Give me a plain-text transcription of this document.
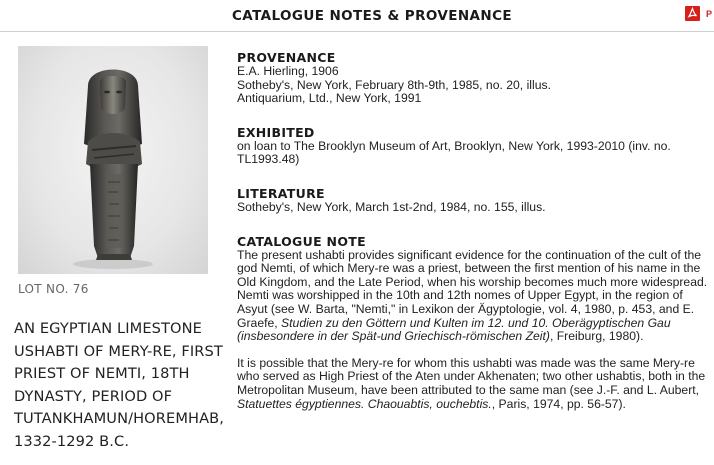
CATALOGUE NOTES & PROVENANCE	P
LOT NO. 76
AN EGYPTIAN LIMESTONE USHABTI OF MERY-RE, FIRST PRIEST OF NEMTI, 18TH DYNASTY, PERIOD OF TUTANKHAMUN/HOREMHAB, 1332-1292 B.C.
PROVENANCE
E.A. Hierling, 1906
Sotheby's, New York, February 8th-9th, 1985, no. 20, illus.
Antiquarium, Ltd., New York, 1991
EXHIBITED
on loan to The Brooklyn Museum of Art, Brooklyn, New York, 1993-2010 (inv. no. TL1993.48)
LITERATURE
Sotheby's, New York, March 1st-2nd, 1984, no. 155, illus.
CATALOGUE NOTE
The present ushabti provides significant evidence for the continuation of the cult of the god Nemti, of which Mery-re was a priest, between the first mention of his name in the Old Kingdom, and the Late Period, when his worship becomes much more widespread. Nemti was worshipped in the 10th and 12th nomes of Upper Egypt, in the region of Asyut (see W. Barta, "Nemti," in Lexikon der Ägyptologie, vol. 4, 1980, p. 453, and E. Graefe, Studien zu den Göttern und Kulten im 12. und 10. Oberägyptischen Gau (insbesondere in der Spät-und Griechisch-römischen Zeit), Freiburg, 1980).
It is possible that the Mery-re for whom this ushabti was made was the same Mery-re who served as High Priest of the Aten under Akhenaten; two other ushabtis, both in the Metropolitan Museum, have been attributed to the same man (see J.-F. and L. Aubert, Statuettes égyptiennes. Chaouabtis, ouchebtis., Paris, 1974, pp. 56-57).
